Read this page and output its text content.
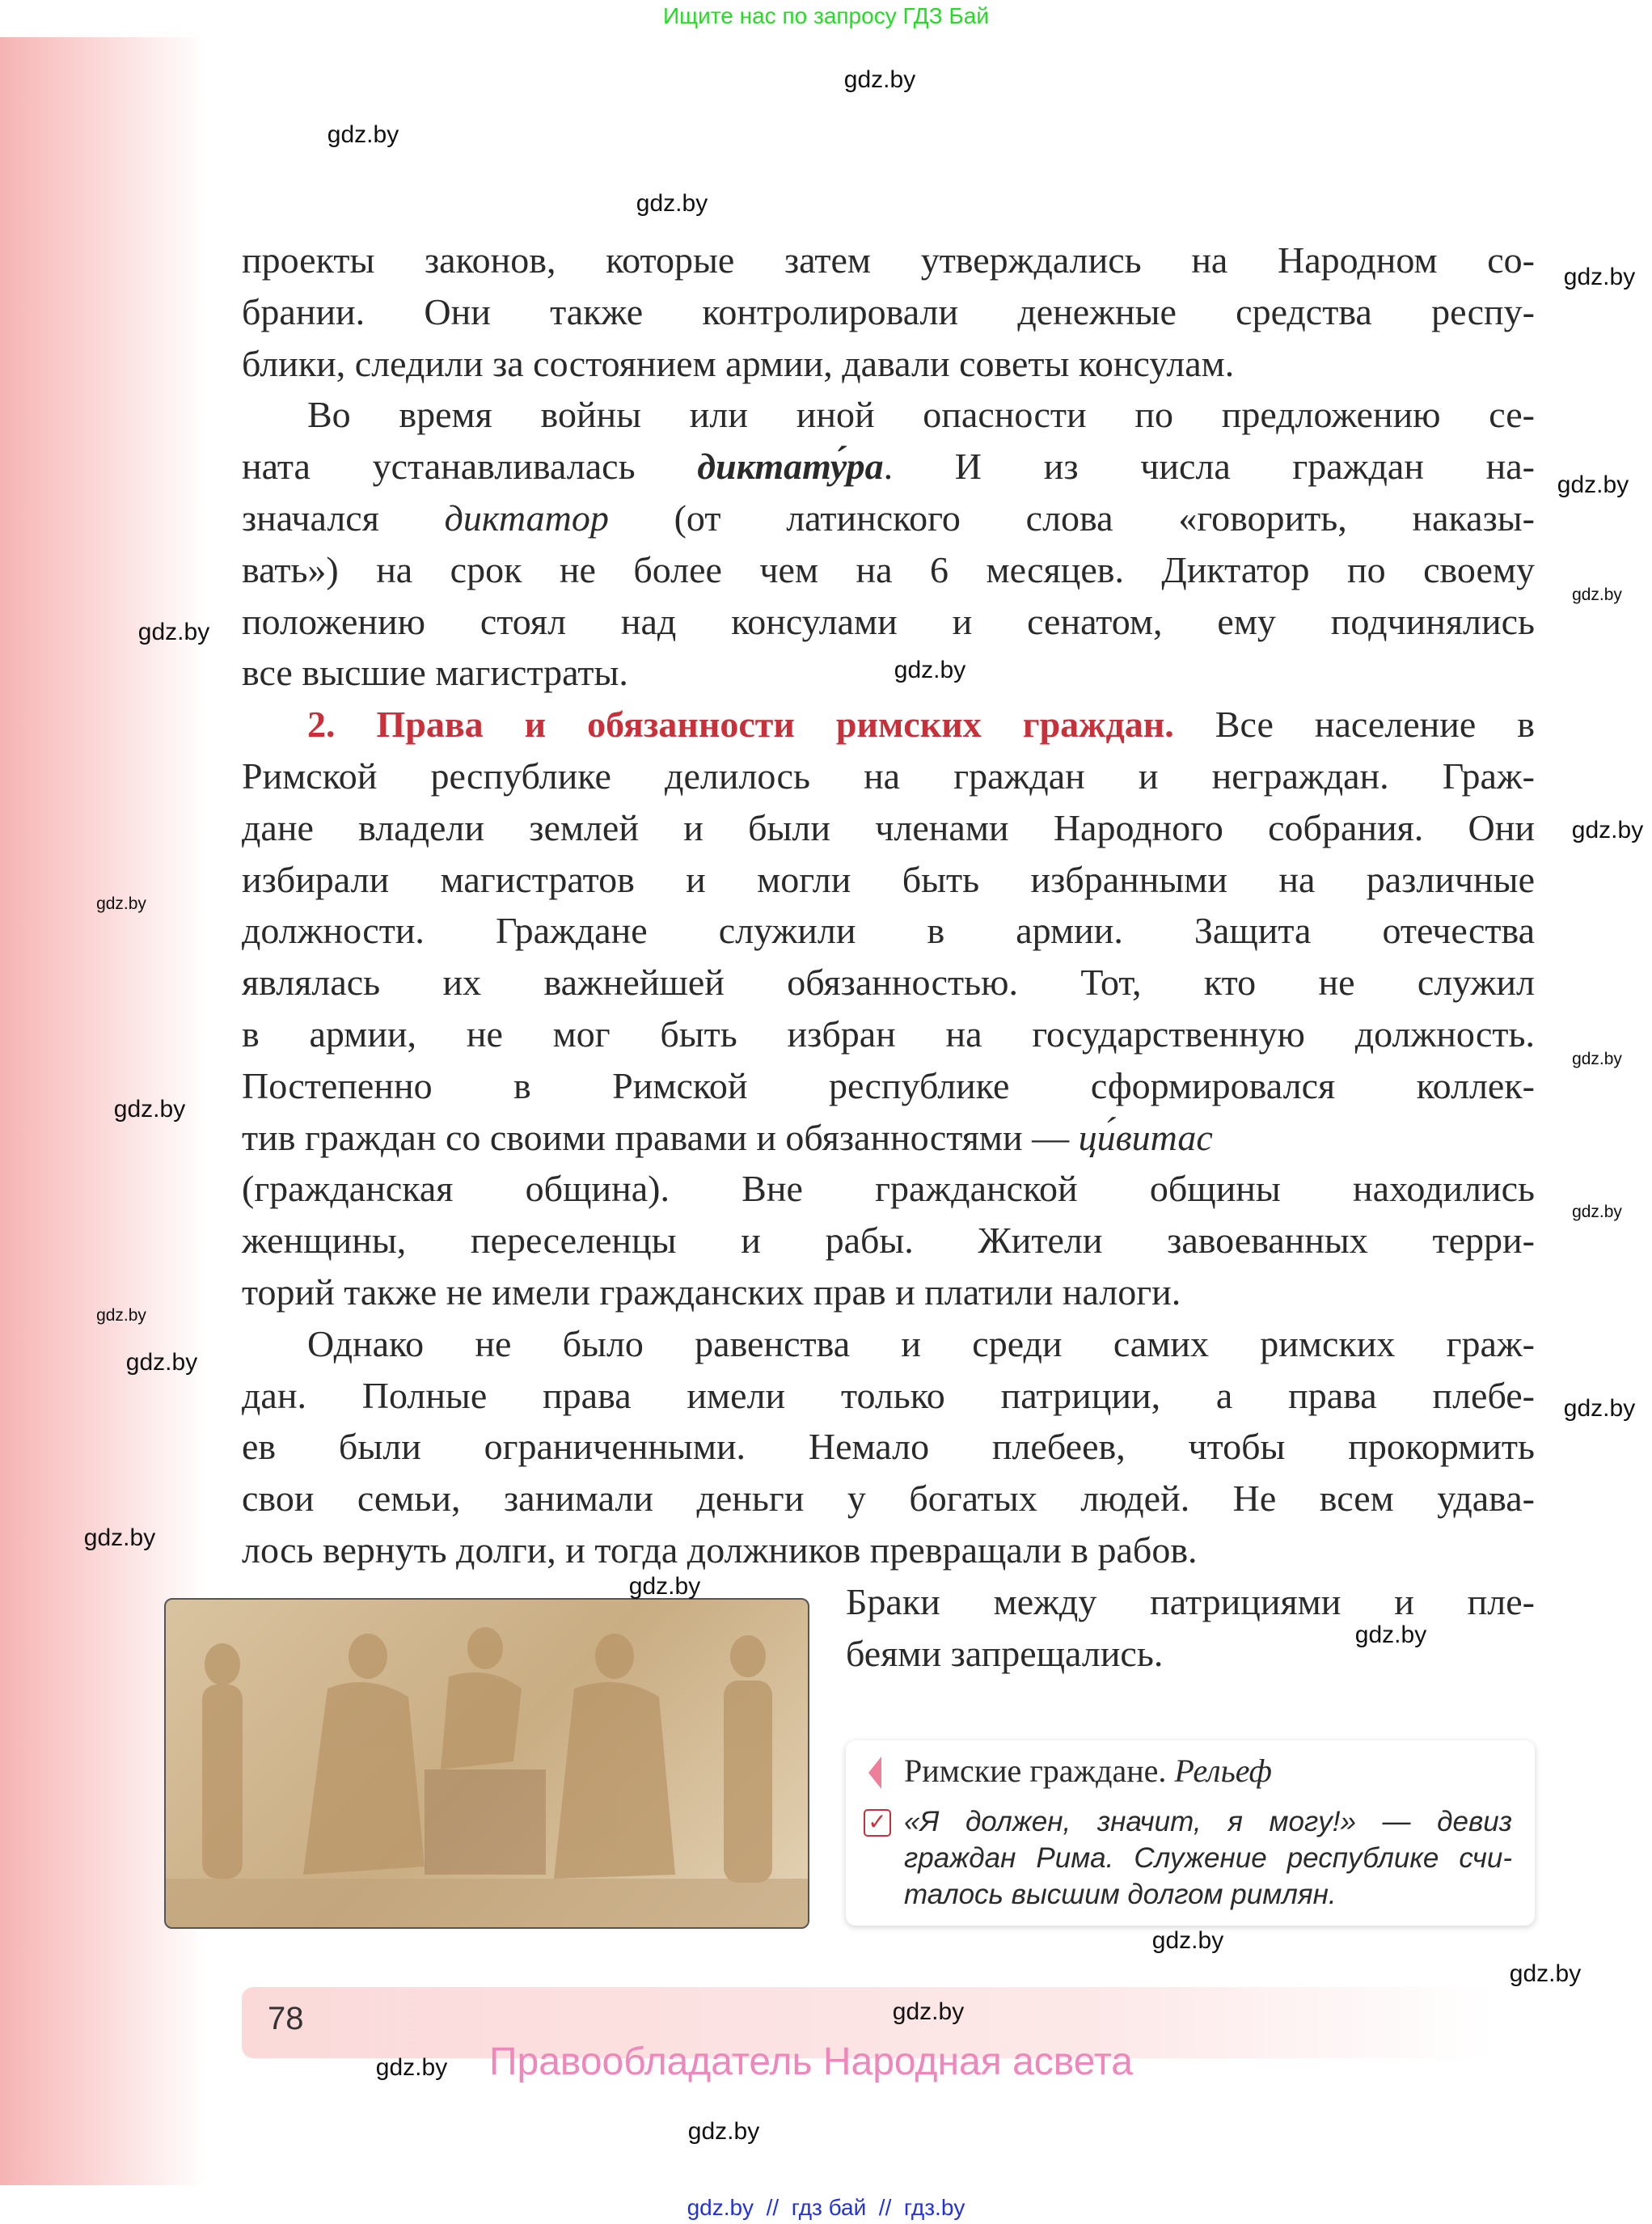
Ищите нас по запросу ГДЗ Бай
проекты законов, которые затем утверждались на Народном со-
брании. Они также контролировали денежные средства респу-
блики, следили за состоянием армии, давали советы консулам.
Во время войны или иной опасности по предложению се-
ната устанавливалась диктату́ра. И из числа граждан на-
значался диктатор (от латинского слова «говорить, наказы-
вать») на срок не более чем на 6 месяцев. Диктатор по своему
положению стоял над консулами и сенатом, ему подчинялись
все высшие магистраты.
2. Права и обязанности римских граждан. Все население в
Римской республике делилось на граждан и неграждан. Граж-
дане владели землей и были членами Народного собрания. Они
избирали магистратов и могли быть избранными на различные
должности. Граждане служили в армии. Защита отечества
являлась их важнейшей обязанностью. Тот, кто не служил
в армии, не мог быть избран на государственную должность.
Постепенно в Римской республике сформировался коллек-
тив граждан со своими правами и обязанностями — ци́витас
(гражданская община). Вне гражданской общины находились
женщины, переселенцы и рабы. Жители завоеванных терри-
торий также не имели гражданских прав и платили налоги.
Однако не было равенства и среди самих римских граж-
дан. Полные права имели только патриции, а права плебе-
ев были ограниченными. Немало плебеев, чтобы прокормить
свои семьи, занимали деньги у богатых людей. Не всем удава-
лось вернуть долги, и тогда должников превращали в рабов.
Браки между патрициями и пле-
беями запрещались.
Римские граждане. Рельеф
✓ «Я должен, значит, я могу!» — девиз
граждан Рима. Служение республике счи-
талось высшим долгом римлян.
78
Правообладатель Народная асвета
gdz.by  //  гдз бай  //  гдз.by
gdz.by
gdz.by
gdz.by
gdz.by
gdz.by
gdz.by
gdz.by
gdz.by
gdz.by
gdz.by
gdz.by
gdz.by
gdz.by
gdz.by
gdz.by
gdz.by
gdz.by
gdz.by
gdz.by
gdz.by
gdz.by
gdz.by
gdz.by
gdz.by
